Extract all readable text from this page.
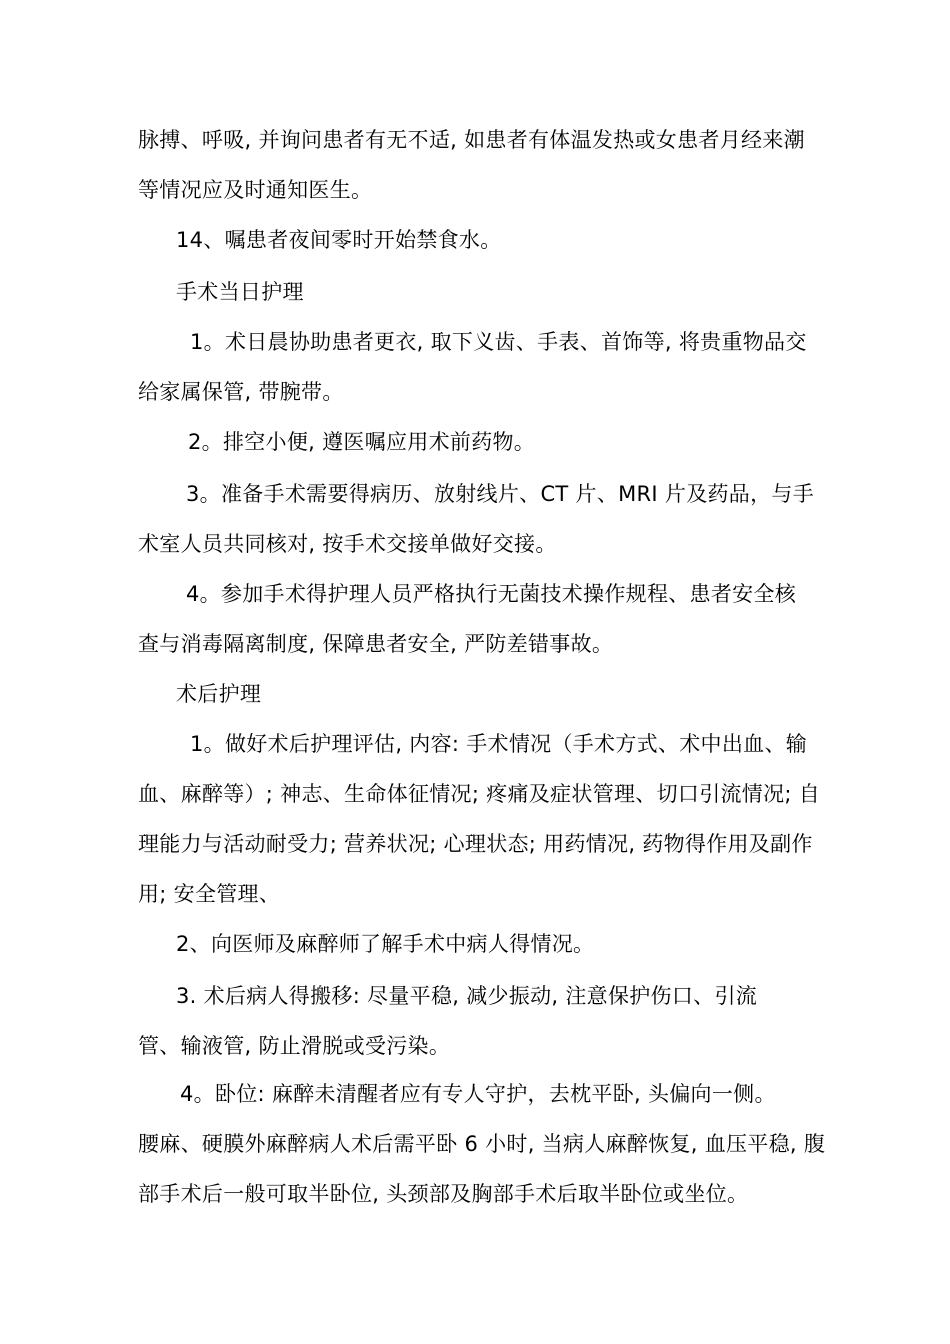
脉搏、呼吸, 并询问患者有无不适, 如患者有体温发热或女患者月经来潮
等情况应及时通知医生。
14、嘱患者夜间零时开始禁食水。
手术当日护理
1。术日晨协助患者更衣, 取下义齿、手表、首饰等, 将贵重物品交
给家属保管, 带腕带。
2。排空小便, 遵医嘱应用术前药物。
3。准备手术需要得病历、放射线片、CT 片、MRI 片及药品，与手
术室人员共同核对, 按手术交接单做好交接。
4。参加手术得护理人员严格执行无菌技术操作规程、患者安全核
查与消毒隔离制度, 保障患者安全, 严防差错事故。
术后护理
1。做好术后护理评估, 内容: 手术情况（手术方式、术中出血、输
血、麻醉等）; 神志、生命体征情况; 疼痛及症状管理、切口引流情况; 自
理能力与活动耐受力; 营养状况; 心理状态; 用药情况, 药物得作用及副作
用; 安全管理、
2、向医师及麻醉师了解手术中病人得情况。
3. 术后病人得搬移: 尽量平稳, 减少振动, 注意保护伤口、引流
管、输液管, 防止滑脱或受污染。
4。卧位: 麻醉未清醒者应有专人守护，去枕平卧, 头偏向一侧。
腰麻、硬膜外麻醉病人术后需平卧 6 小时, 当病人麻醉恢复, 血压平稳, 腹
部手术后一般可取半卧位, 头颈部及胸部手术后取半卧位或坐位。
